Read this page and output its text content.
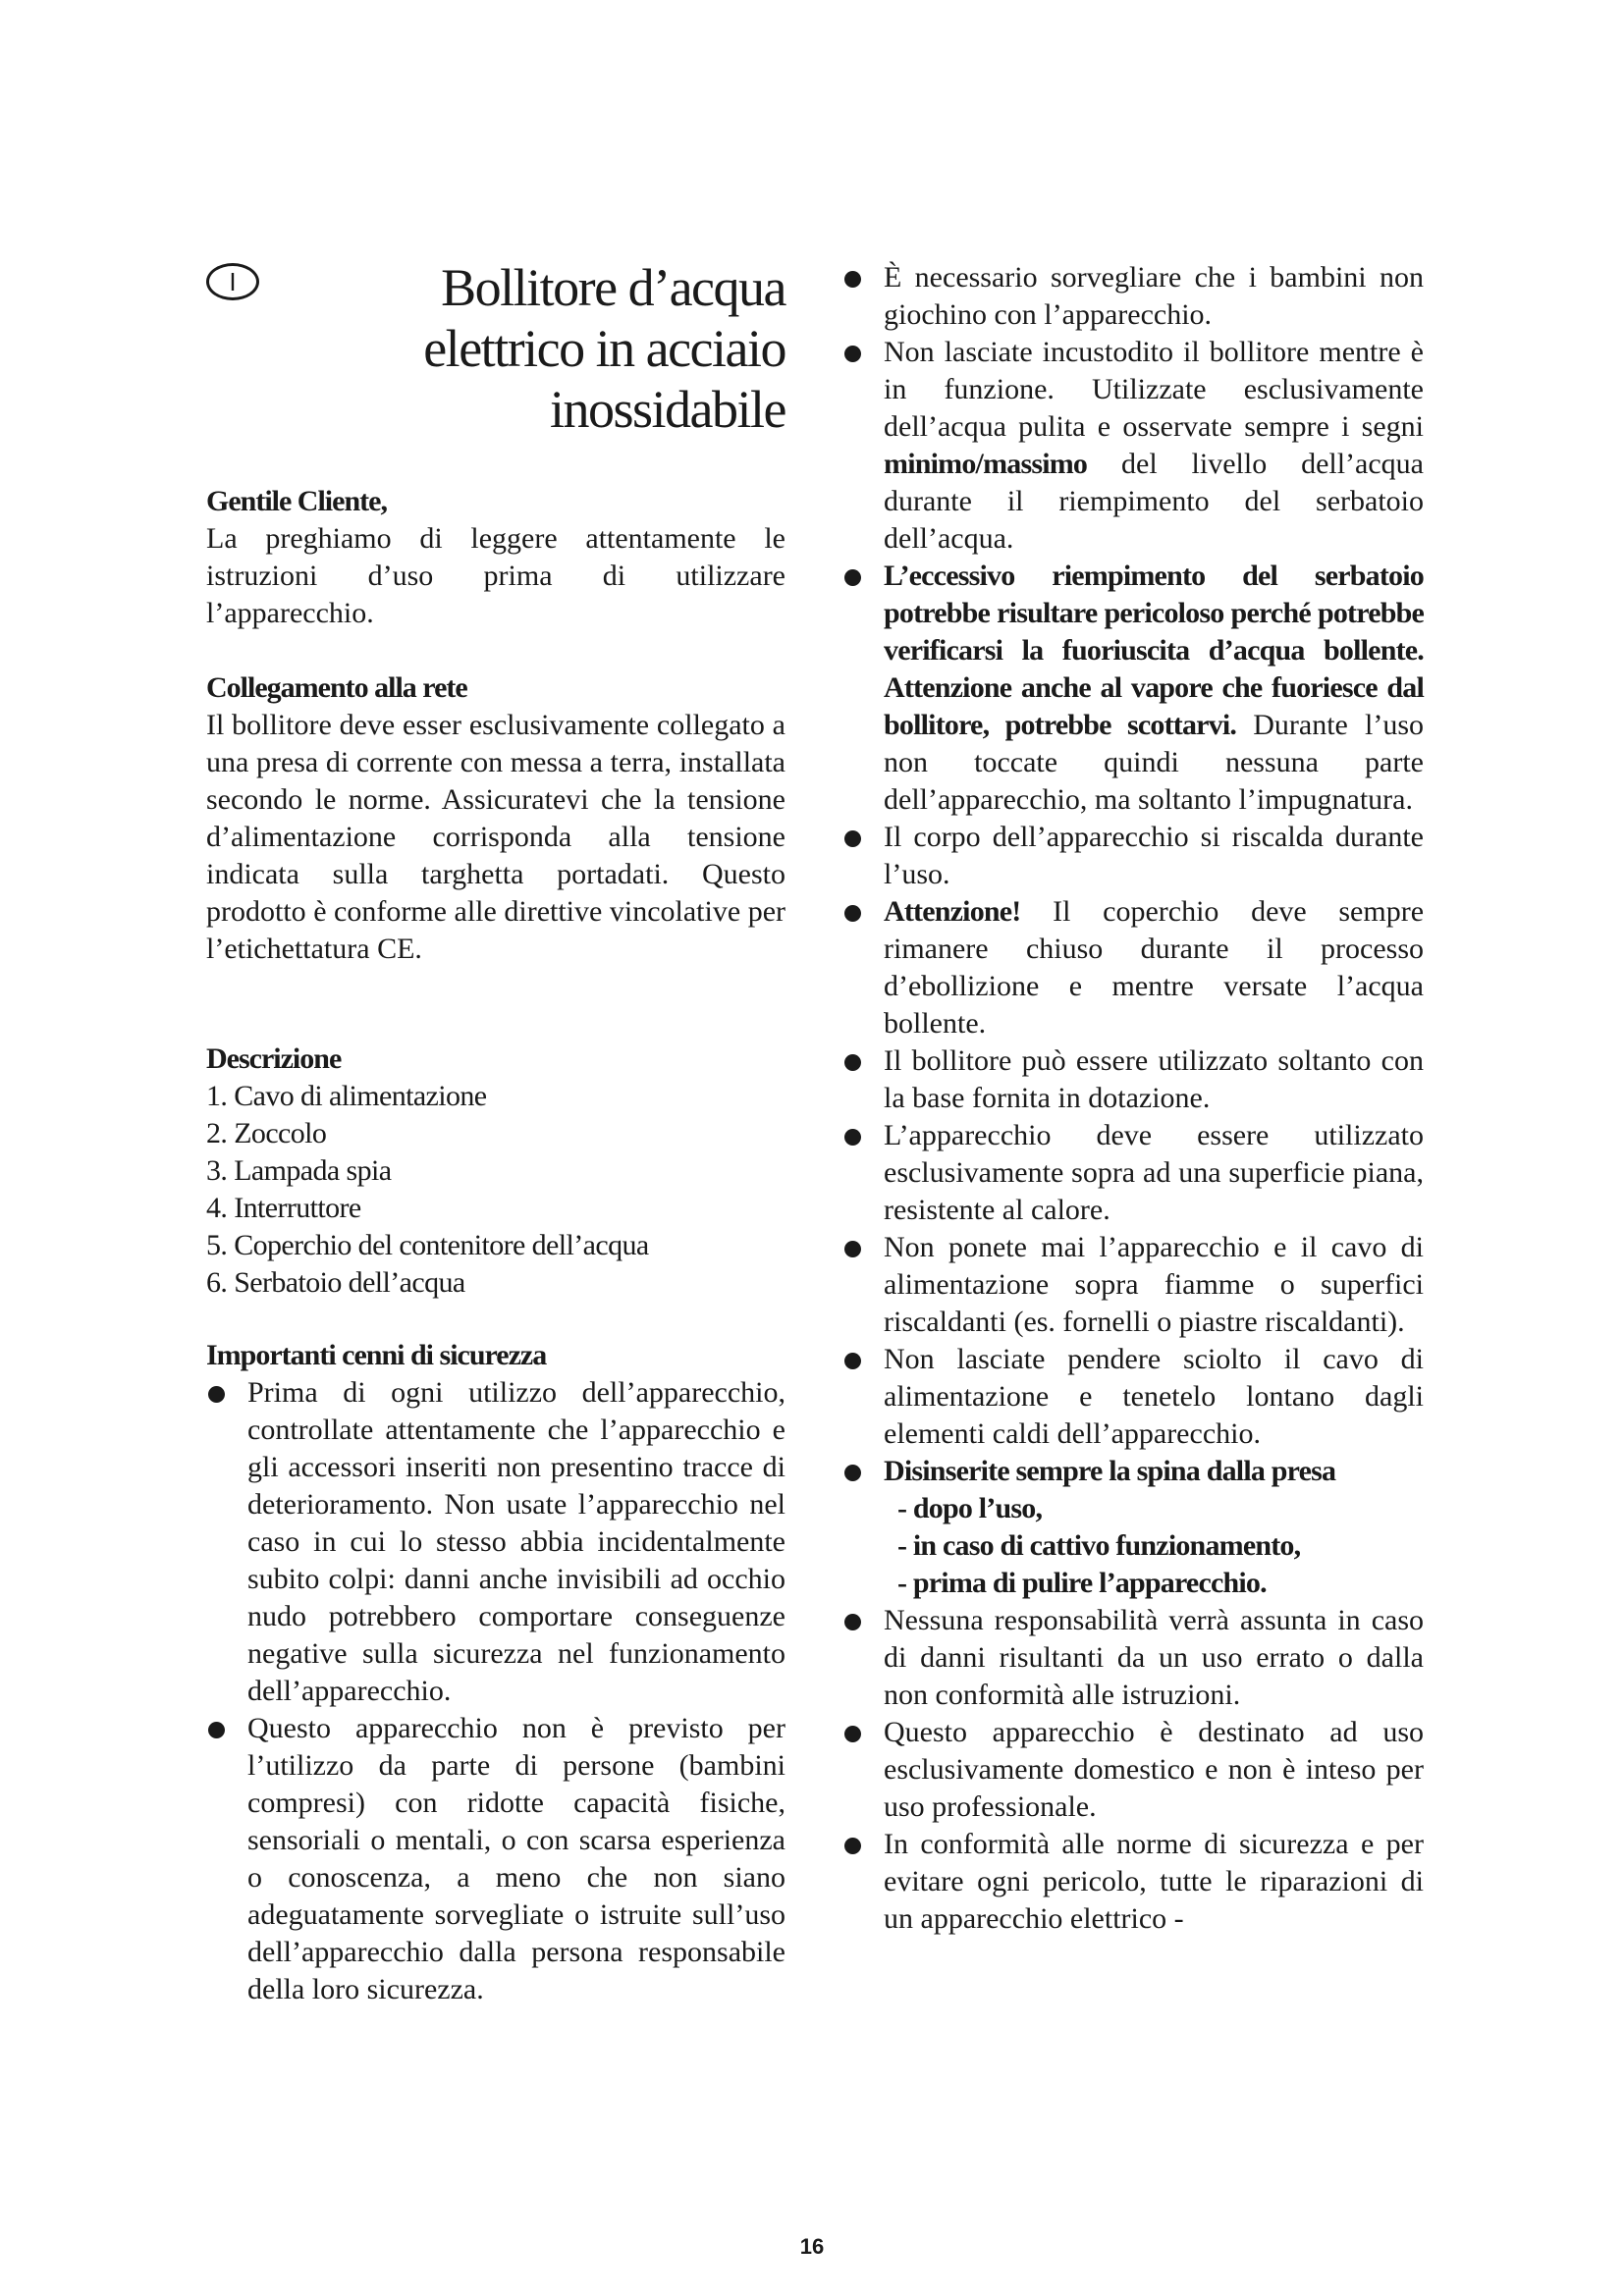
I	Bollitore d’acqua
elettrico in acciaio
inossidabile

Gentile Cliente,

La preghiamo di leggere attentamente le istruzioni d’uso prima di utilizzare l’apparecchio.

Collegamento alla rete

Il bollitore deve esser esclusivamente collegato a una presa di corrente con messa a terra, installata secondo le norme. Assicuratevi che la tensione d’alimentazione corrisponda alla tensione indicata sulla targhetta portadati. Questo prodotto è conforme alle direttive vincolative per l’etichettatura CE.

Descrizione

1. Cavo di alimentazione
2. Zoccolo
3. Lampada spia
4. Interruttore
5. Coperchio del contenitore dell’acqua
6. Serbatoio dell’acqua

Importanti cenni di sicurezza

Prima di ogni utilizzo dell’apparecchio, controllate attentamente che l’apparecchio e gli accessori inseriti non presentino tracce di deterioramento. Non usate l’apparecchio nel caso in cui lo stesso abbia incidentalmente subito colpi: danni anche invisibili ad occhio nudo potrebbero comportare conseguenze negative sulla sicurezza nel funzionamento dell’apparecchio.
Questo apparecchio non è previsto per l’utilizzo da parte di persone (bambini compresi) con ridotte capacità fisiche, sensoriali o mentali, o con scarsa esperienza o conoscenza, a meno che non siano adeguatamente sorvegliate o istruite sull’uso dell’apparecchio dalla persona responsabile della loro sicurezza.
È necessario sorvegliare che i bambini non giochino con l’apparecchio.
Non lasciate incustodito il bollitore mentre è in funzione. Utilizzate esclusivamente dell’acqua pulita e osservate sempre i segni minimo/massimo del livello dell’acqua durante il riempimento del serbatoio dell’acqua.
L’eccessivo riempimento del serbatoio potrebbe risultare pericoloso perché potrebbe verificarsi la fuoriuscita d’acqua bollente. Attenzione anche al vapore che fuoriesce dal bollitore, potrebbe scottarvi. Durante l’uso non toccate quindi nessuna parte dell’apparecchio, ma soltanto l’impugnatura.
Il corpo dell’apparecchio si riscalda durante l’uso.
Attenzione! Il coperchio deve sempre rimanere chiuso durante il processo d’ebollizione e mentre versate l’acqua bollente.
Il bollitore può essere utilizzato soltanto con la base fornita in dotazione.
L’apparecchio deve essere utilizzato esclusivamente sopra ad una superficie piana, resistente al calore.
Non ponete mai l’apparecchio e il cavo di alimentazione sopra fiamme o superfici riscaldanti (es. fornelli o piastre riscaldanti).
Non lasciate pendere sciolto il cavo di alimentazione e tenetelo lontano dagli elementi caldi dell’apparecchio.
Disinserite sempre la spina dalla presa
- dopo l’uso,
- in caso di cattivo funzionamento,
- prima di pulire l’apparecchio.
Nessuna responsabilità verrà assunta in caso di danni risultanti da un uso errato o dalla non conformità alle istruzioni.
Questo apparecchio è destinato ad uso esclusivamente domestico e non è inteso per uso professionale.
In conformità alle norme di sicurezza e per evitare ogni pericolo, tutte le riparazioni di un apparecchio elettrico -
16
